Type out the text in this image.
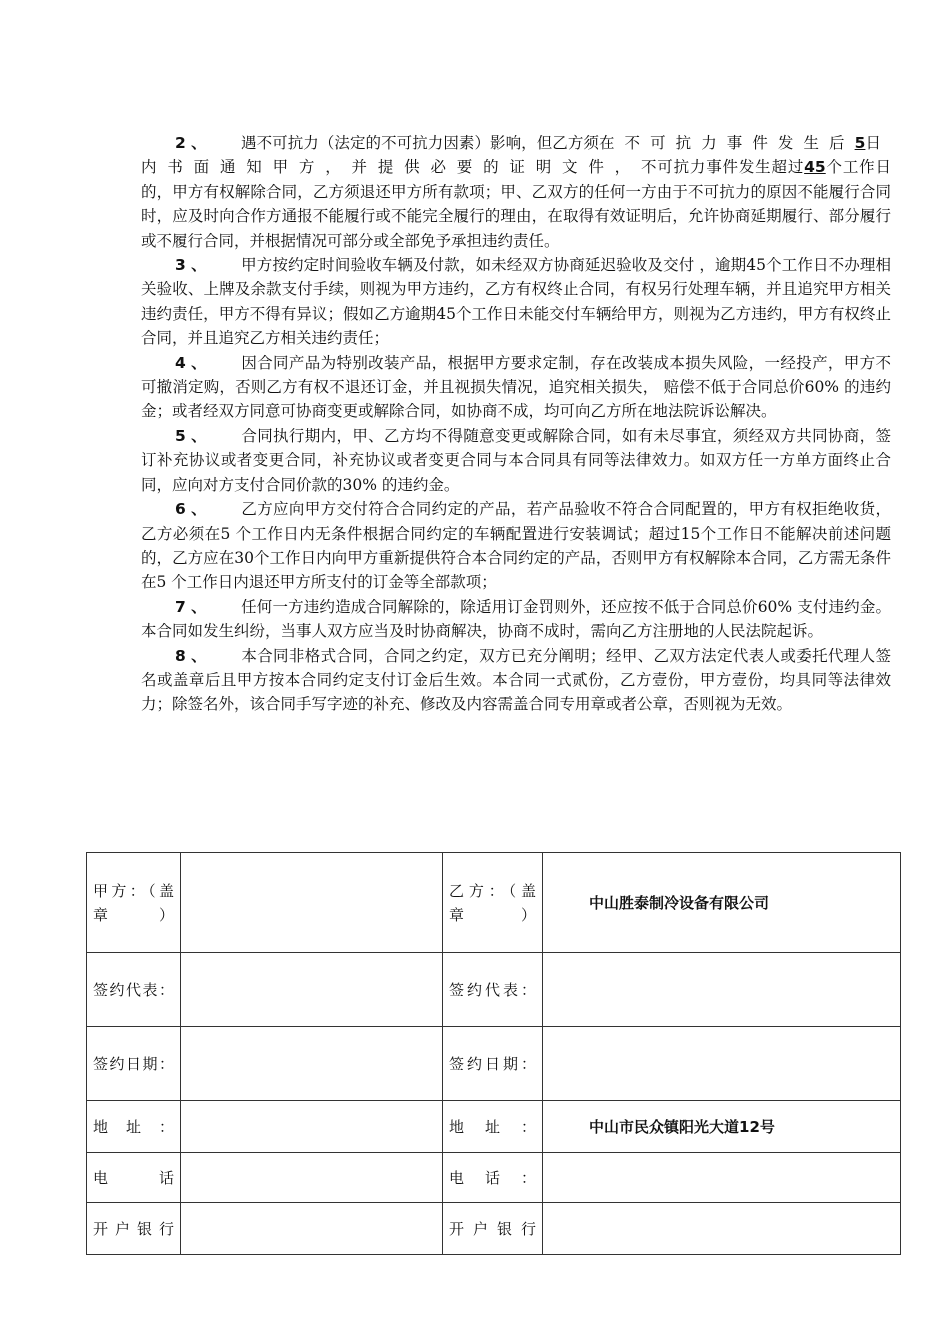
2 、 遇不可抗力（法定的不可抗力因素）影响，但乙方须在不可抗力事件发生后5日内书面通知甲方，并提供必要的证明文件，不可抗力事件发生超过45个工作日的，甲方有权解除合同，乙方须退还甲方所有款项；甲、乙双方的任何一方由于不可抗力的原因不能履行合同时，应及时向合作方通报不能履行或不能完全履行的理由，在取得有效证明后，允许协商延期履行、部分履行或不履行合同，并根据情况可部分或全部免予承担违约责任。

3 、 甲方按约定时间验收车辆及付款，如未经双方协商延迟验收及交付 ，逾期45个工作日不办理相关验收、上牌及余款支付手续，则视为甲方违约，乙方有权终止合同，有权另行处理车辆，并且追究甲方相关违约责任，甲方不得有异议；假如乙方逾期45个工作日未能交付车辆给甲方，则视为乙方违约，甲方有权终止合同，并且追究乙方相关违约责任；

4 、 因合同产品为特别改装产品，根据甲方要求定制，存在改装成本损失风险，一经投产，甲方不可撤消定购，否则乙方有权不退还订金，并且视损失情况，追究相关损失， 赔偿不低于合同总价60% 的违约金；或者经双方同意可协商变更或解除合同，如协商不成，均可向乙方所在地法院诉讼解决。

5 、 合同执行期内，甲、乙方均不得随意变更或解除合同，如有未尽事宜，须经双方共同协商，签订补充协议或者变更合同，补充协议或者变更合同与本合同具有同等法律效力。如双方任一方单方面终止合同，应向对方支付合同价款的30% 的违约金。

6 、 乙方应向甲方交付符合合同约定的产品，若产品验收不符合合同配置的，甲方有权拒绝收货，乙方必须在5 个工作日内无条件根据合同约定的车辆配置进行安装调试；超过15个工作日不能解决前述问题的，乙方应在30个工作日内向甲方重新提供符合本合同约定的产品，否则甲方有权解除本合同，乙方需无条件在5 个工作日内退还甲方所支付的订金等全部款项；

7 、 任何一方违约造成合同解除的，除适用订金罚则外，还应按不低于合同总价60% 支付违约金。本合同如发生纠纷，当事人双方应当及时协商解决，协商不成时，需向乙方注册地的人民法院起诉。

8 、 本合同非格式合同，合同之约定，双方已充分阐明；经甲、乙双方法定代表人或委托代理人签名或盖章后且甲方按本合同约定支付订金后生效。本合同一式贰份，乙方壹份，甲方壹份，均具同等法律效力；除签名外，该合同手写字迹的补充、修改及内容需盖合同专用章或者公章，否则视为无效。

甲方：（盖章）		乙方：（盖章）	中山胜泰制冷设备有限公司

签约代表：		签约代表：	

签约日期：		签约日期：	

地址：		地址：	中山市民众镇阳光大道12号

电话		电话：	

开户银行		开户银行	
